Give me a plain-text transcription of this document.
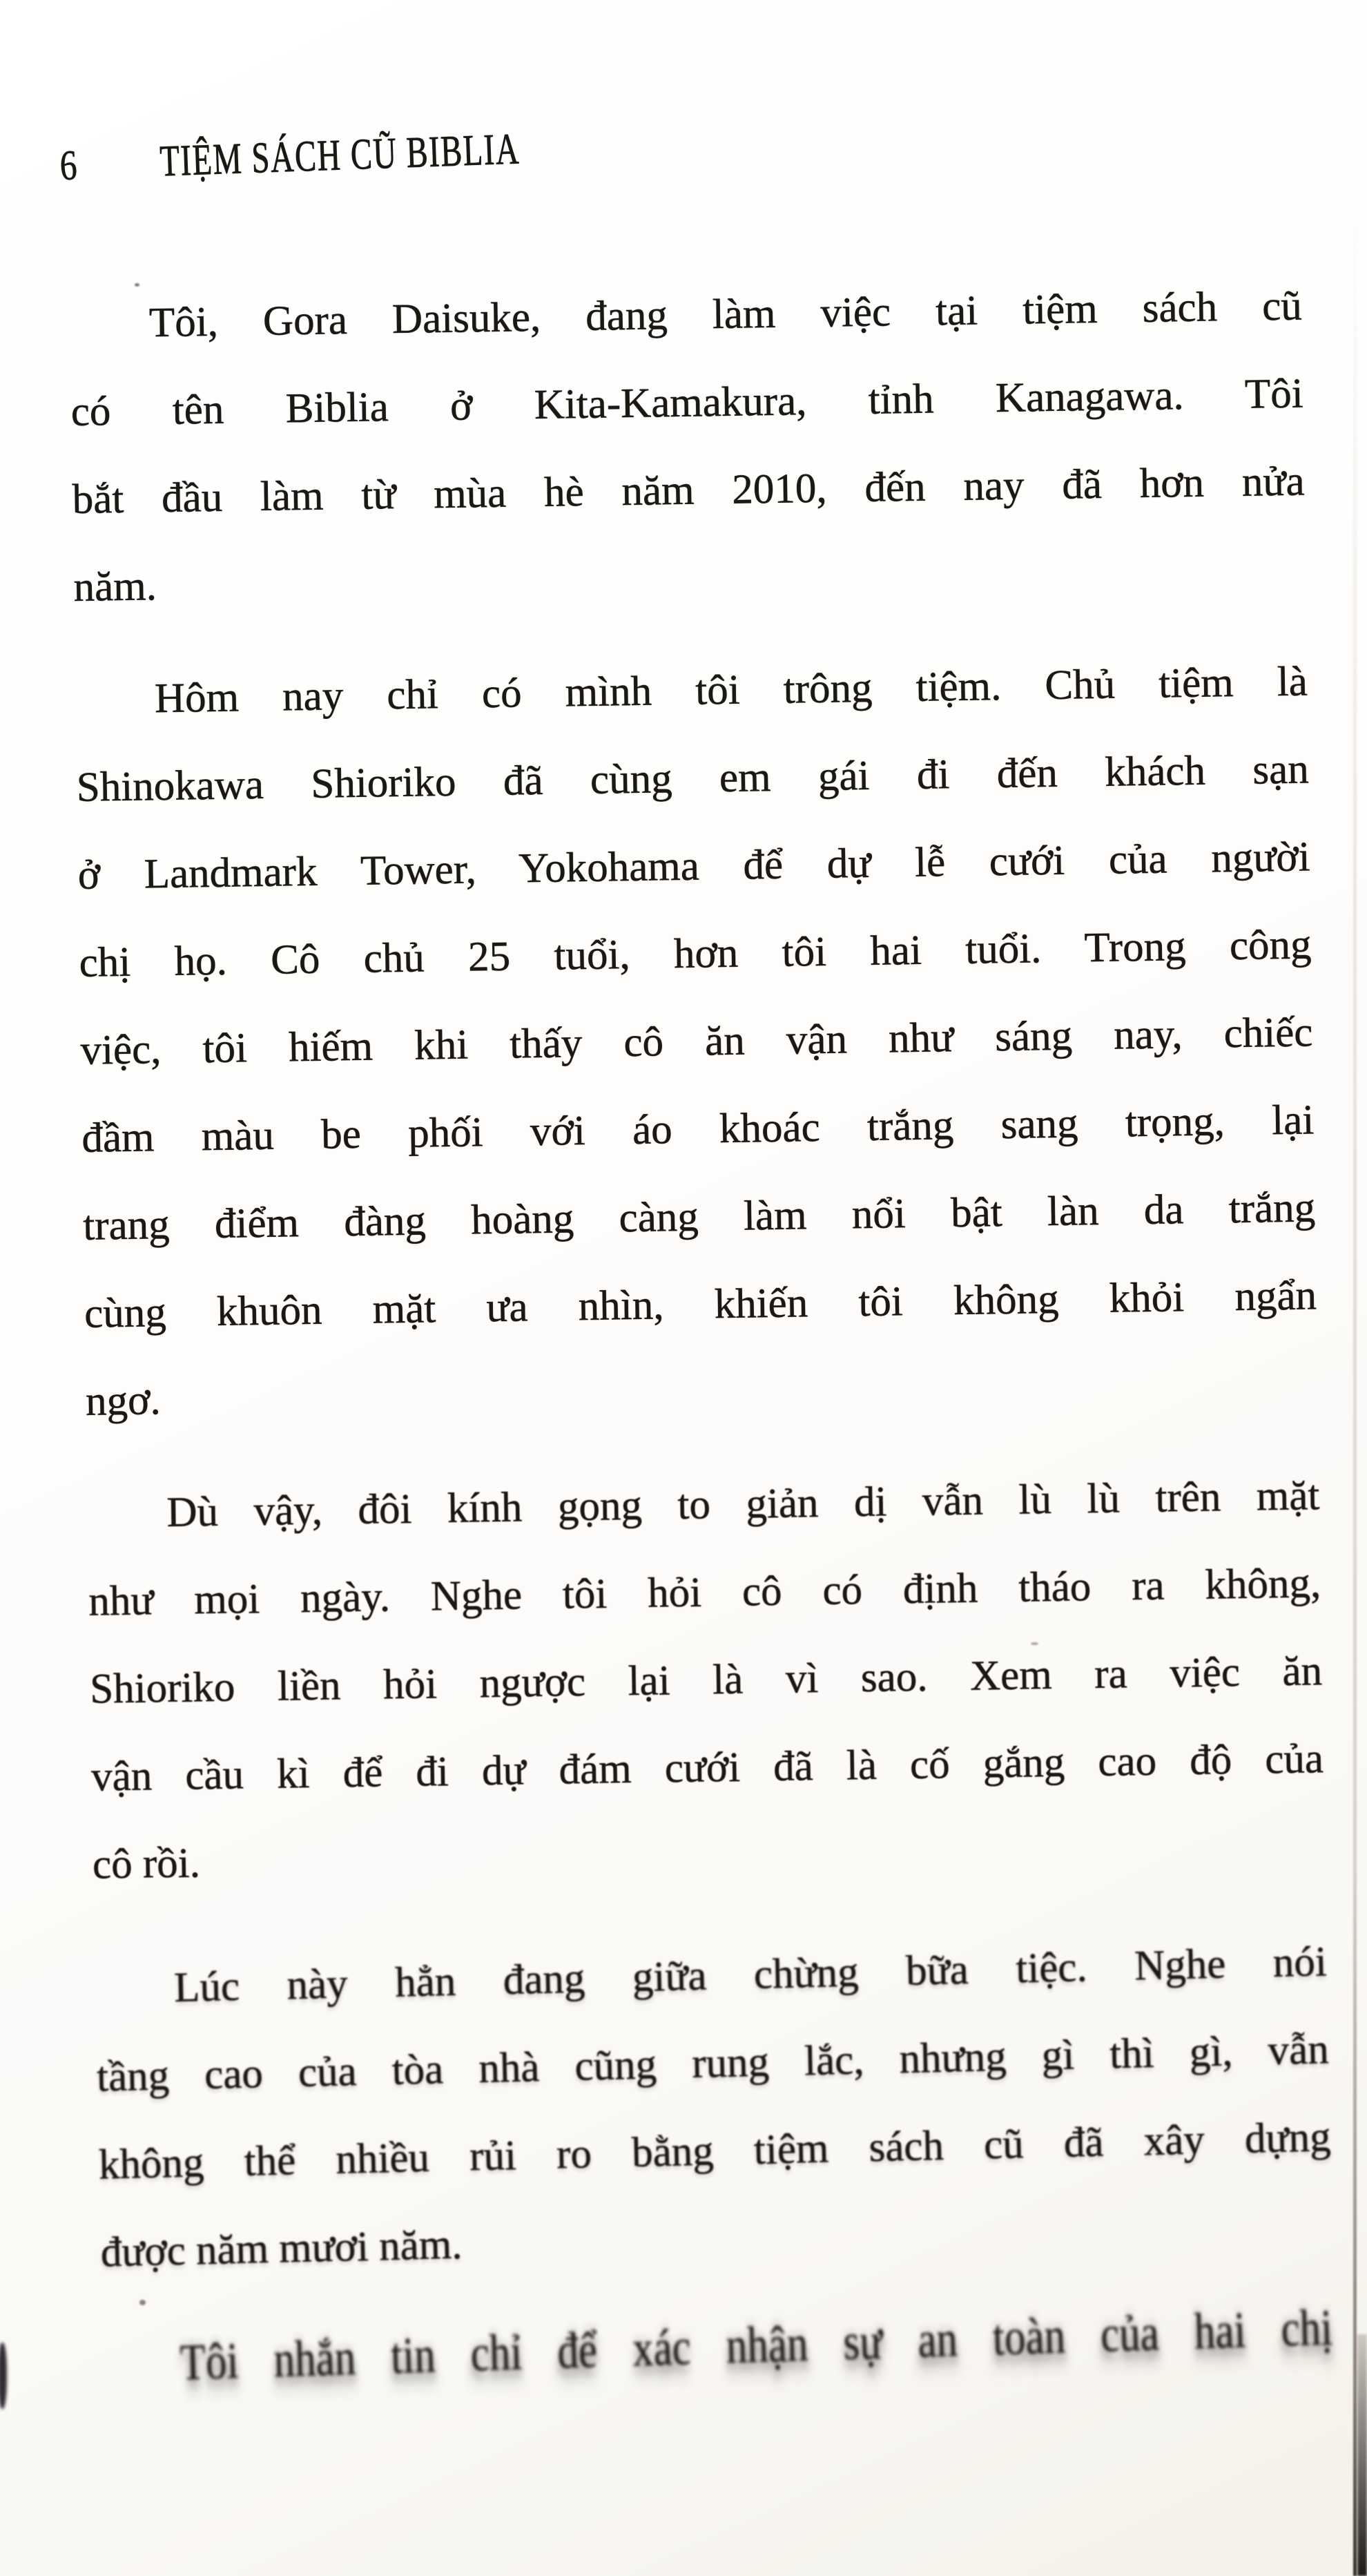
6 TIỆM SÁCH CŨ BIBLIA
Tôi, Gora Daisuke, đang làm việc tại tiệm sách cũ
có tên Biblia ở Kita-Kamakura, tỉnh Kanagawa. Tôi
bắt đầu làm từ mùa hè năm 2010, đến nay đã hơn nửa
năm.
Hôm nay chỉ có mình tôi trông tiệm. Chủ tiệm là
Shinokawa Shioriko đã cùng em gái đi đến khách sạn
ở Landmark Tower, Yokohama để dự lễ cưới của người
chị họ. Cô chủ 25 tuổi, hơn tôi hai tuổi. Trong công
việc, tôi hiếm khi thấy cô ăn vận như sáng nay, chiếc
đầm màu be phối với áo khoác trắng sang trọng, lại
trang điểm đàng hoàng càng làm nổi bật làn da trắng
cùng khuôn mặt ưa nhìn, khiến tôi không khỏi ngẩn
ngơ.
Dù vậy, đôi kính gọng to giản dị vẫn lù lù trên mặt
như mọi ngày. Nghe tôi hỏi cô có định tháo ra không,
Shioriko liền hỏi ngược lại là vì sao. Xem ra việc ăn
vận cầu kì để đi dự đám cưới đã là cố gắng cao độ của
cô rồi.
Lúc này hẳn đang giữa chừng bữa tiệc. Nghe nói
tầng cao của tòa nhà cũng rung lắc, nhưng gì thì gì, vẫn
không thể nhiều rủi ro bằng tiệm sách cũ đã xây dựng
được năm mươi năm.
Tôi nhắn tin chỉ để xác nhận sự an toàn của hai chị
